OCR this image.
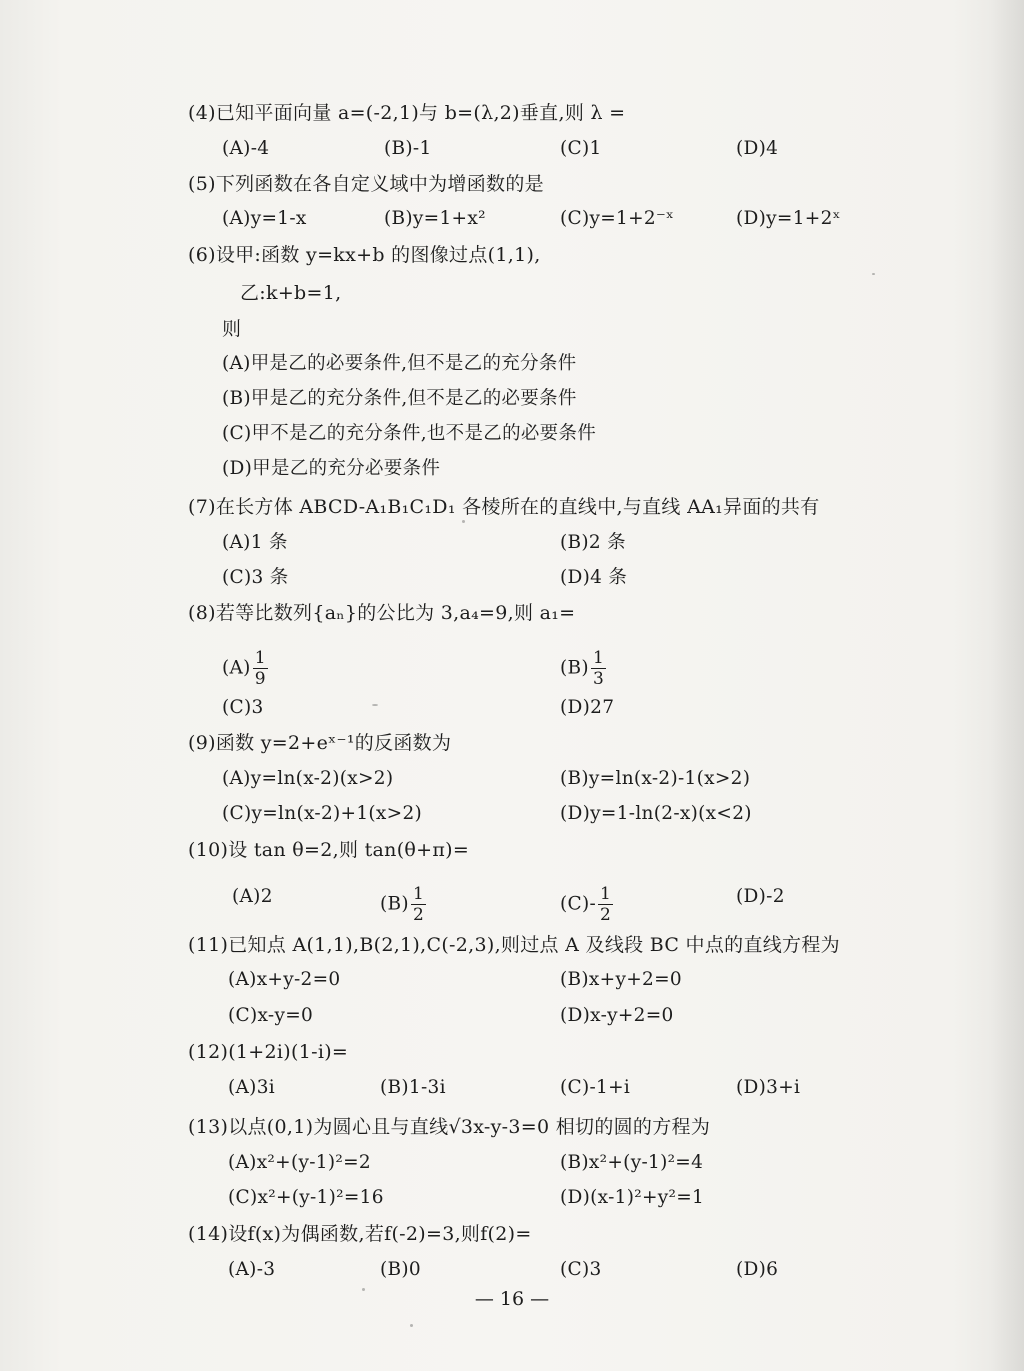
(4)已知平面向量 a=(-2,1)与 b=(λ,2)垂直,则 λ =
(A)-4	(B)-1	(C)1	(D)4
(5)下列函数在各自定义域中为增函数的是
(A)y=1-x	(B)y=1+x²	(C)y=1+2⁻ˣ	(D)y=1+2ˣ
(6)设甲:函数 y=kx+b 的图像过点(1,1),
乙:k+b=1,
则
(A)甲是乙的必要条件,但不是乙的充分条件
(B)甲是乙的充分条件,但不是乙的必要条件
(C)甲不是乙的充分条件,也不是乙的必要条件
(D)甲是乙的充分必要条件
(7)在长方体 ABCD-A₁B₁C₁D₁ 各棱所在的直线中,与直线 AA₁异面的共有
(A)1 条	(B)2 条
(C)3 条	(D)4 条
(8)若等比数列{aₙ}的公比为 3,a₄=9,则 a₁=
$(A) \frac{1}{9}$	$(B) \frac{1}{3}$
(C)3	(D)27
(9)函数 y=2+eˣ⁻¹的反函数为
(A)y=ln(x-2)(x>2)	(B)y=ln(x-2)-1(x>2)
(C)y=ln(x-2)+1(x>2)	(D)y=1-ln(2-x)(x<2)
(10)设 tan θ=2,则 tan(θ+π)=
(A)2	$(B) \frac{1}{2}$	$(C)- \frac{1}{2}$	(D)-2
(11)已知点 A(1,1),B(2,1),C(-2,3),则过点 A 及线段 BC 中点的直线方程为
(A)x+y-2=0	(B)x+y+2=0
(C)x-y=0	(D)x-y+2=0
(12)(1+2i)(1-i)=
(A)3i	(B)1-3i	(C)-1+i	(D)3+i
(13)以点(0,1)为圆心且与直线√3x-y-3=0 相切的圆的方程为
(A)x²+(y-1)²=2	(B)x²+(y-1)²=4
(C)x²+(y-1)²=16	(D)(x-1)²+y²=1
(14)设f(x)为偶函数,若f(-2)=3,则f(2)=
(A)-3	(B)0	(C)3	(D)6
— 16 —
